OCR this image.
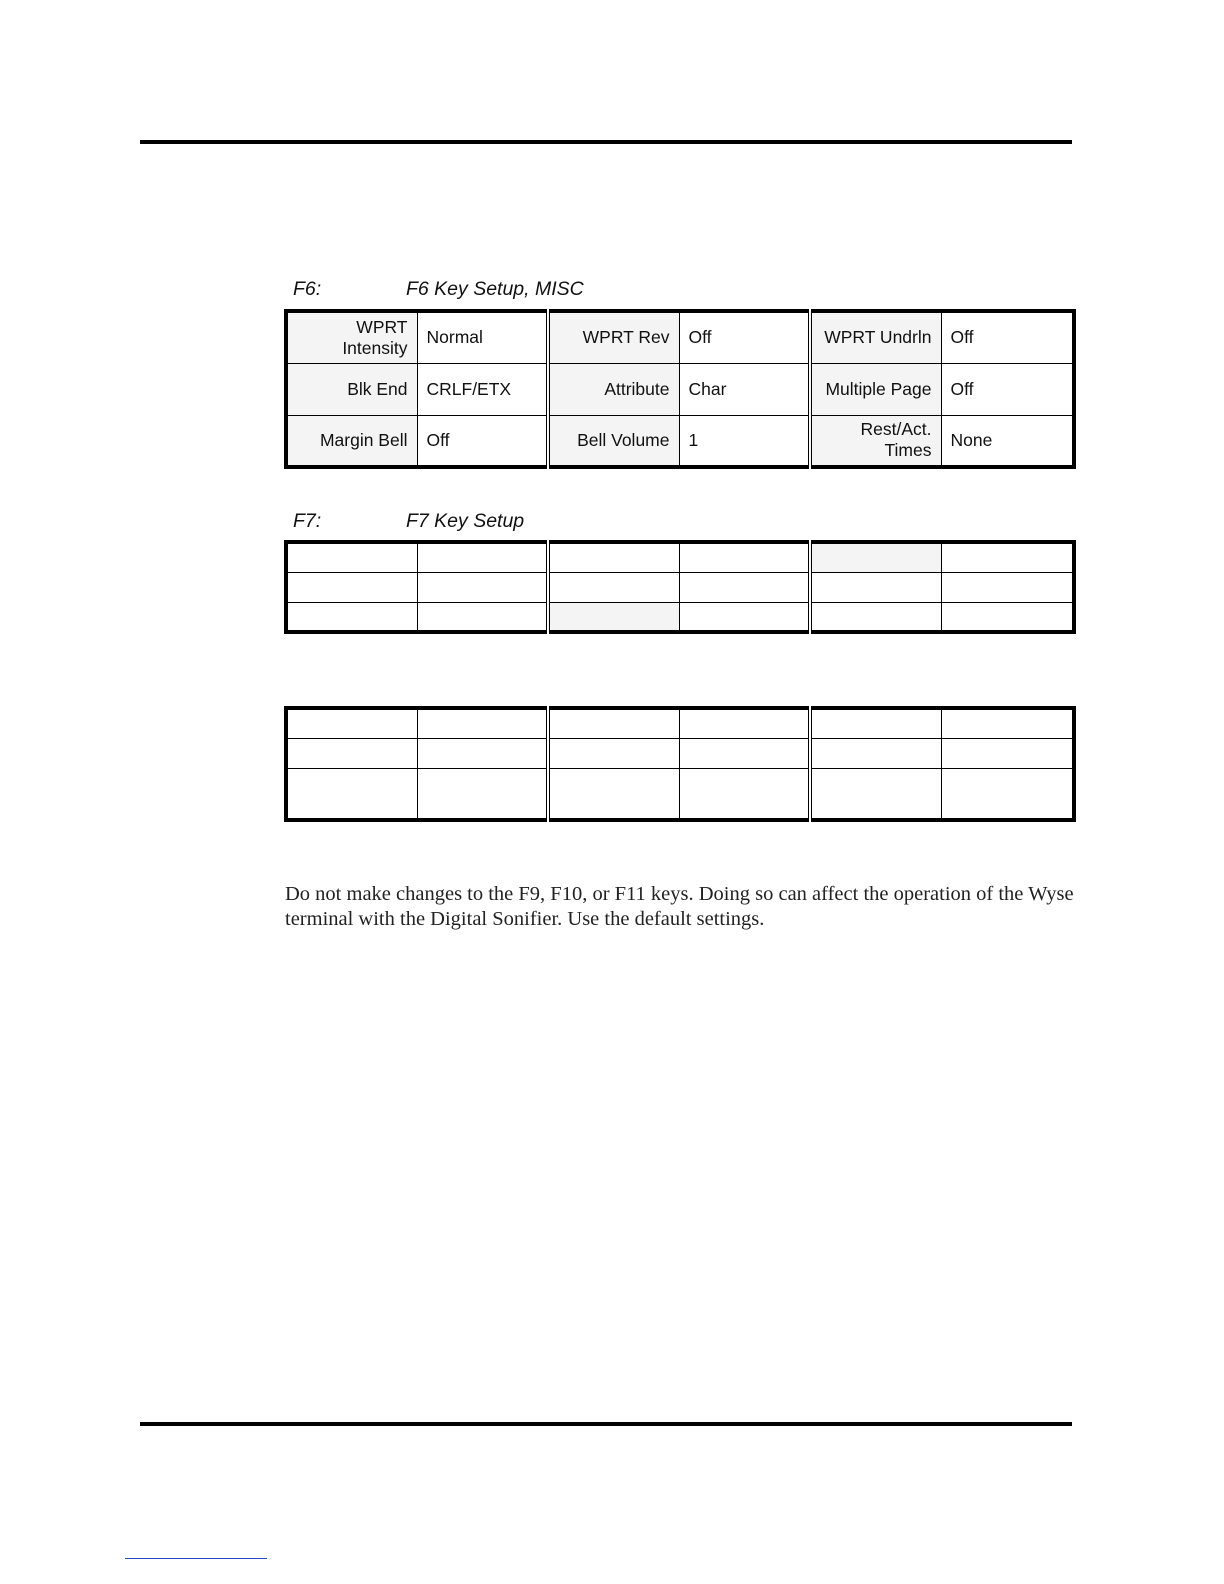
F6:	F6 Key Setup, MISC
WPRT Intensity	Normal	WPRT Rev	Off	WPRT Undrln	Off
Blk End	CRLF/ETX	Attribute	Char	Multiple Page	Off
Margin Bell	Off	Bell Volume	1	Rest/Act. Times	None
F7:	F7 Key Setup

Do not make changes to the F9, F10, or F11 keys. Doing so can affect the operation of the Wyse terminal with the Digital Sonifier. Use the default settings.
